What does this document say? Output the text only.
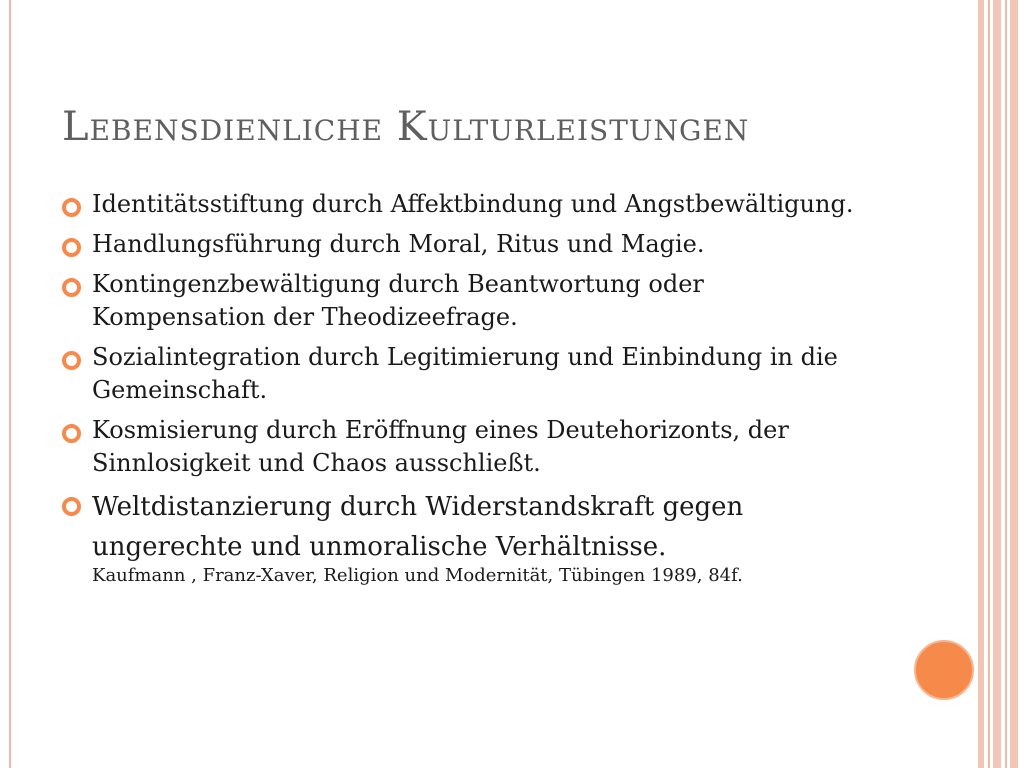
Lebensdienliche Kulturleistungen
Identitätsstiftung durch Affektbindung und Angstbewältigung.
Handlungsführung durch Moral, Ritus und Magie.
Kontingenzbewältigung durch Beantwortung oder Kompensation der Theodizeefrage.
Sozialintegration durch Legitimierung und Einbindung in die Gemeinschaft.
Kosmisierung durch Eröffnung eines Deutehorizonts, der Sinnlosigkeit und Chaos ausschließt.
Weltdistanzierung durch Widerstandskraft gegen ungerechte und unmoralische Verhältnisse.
Kaufmann , Franz-Xaver, Religion und Modernität, Tübingen 1989, 84f.
